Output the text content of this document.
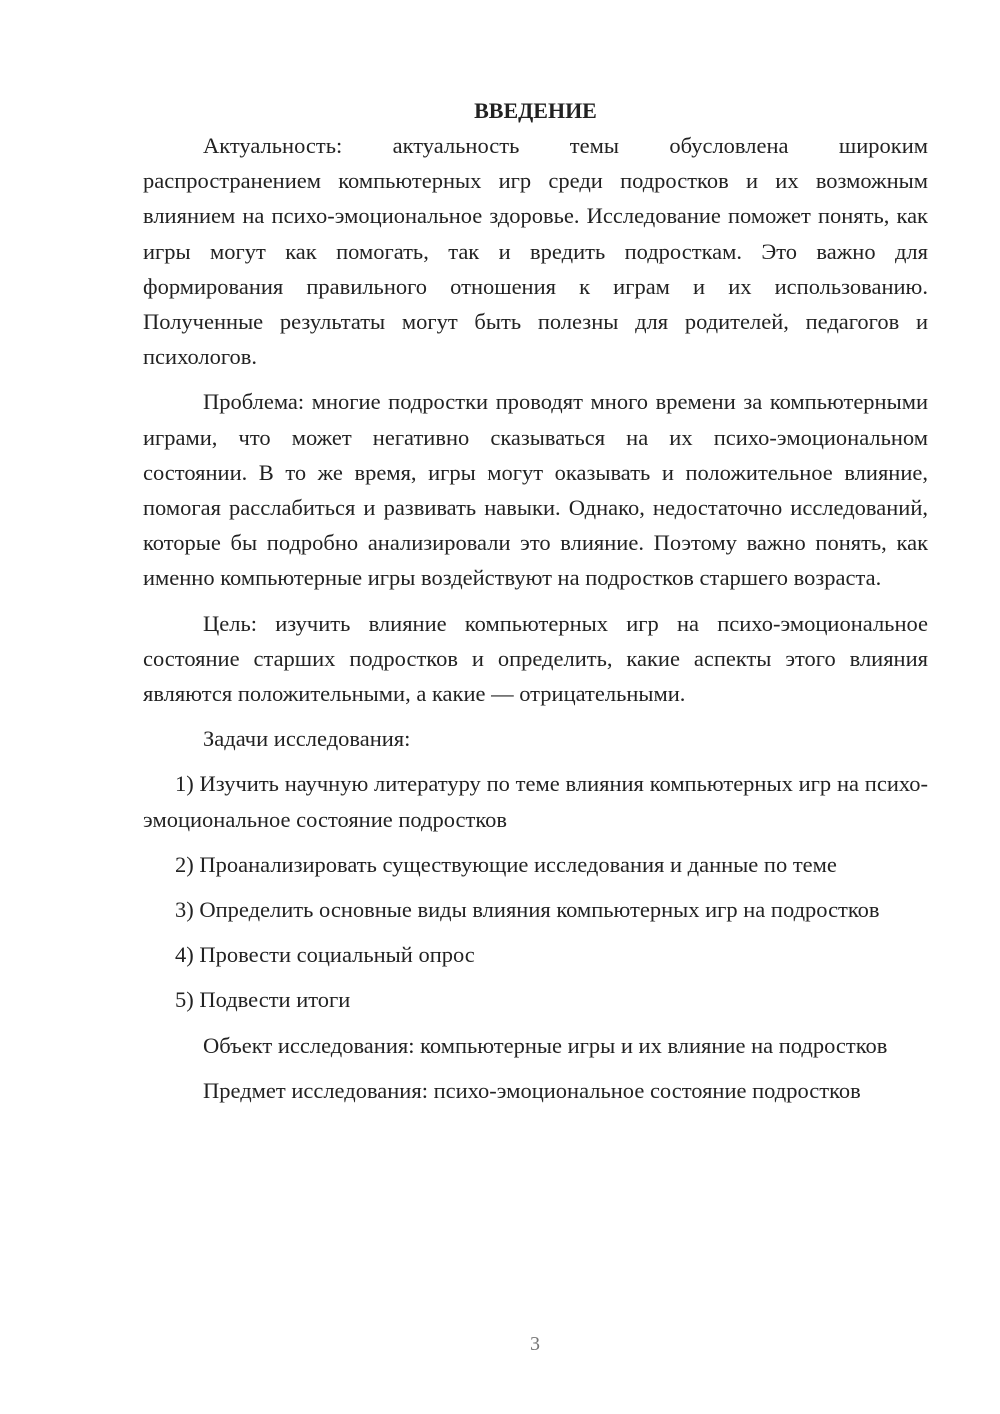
ВВЕДЕНИЕ

Актуальность: актуальность темы обусловлена широким распространением компьютерных игр среди подростков и их возможным влиянием на психо-эмоциональное здоровье. Исследование поможет понять, как игры могут как помогать, так и вредить подросткам. Это важно для формирования правильного отношения к играм и их использованию. Полученные результаты могут быть полезны для родителей, педагогов и психологов.

Проблема: многие подростки проводят много времени за компьютерными играми, что может негативно сказываться на их психо-эмоциональном состоянии. В то же время, игры могут оказывать и положительное влияние, помогая расслабиться и развивать навыки. Однако, недостаточно исследований, которые бы подробно анализировали это влияние. Поэтому важно понять, как именно компьютерные игры воздействуют на подростков старшего возраста.

Цель: изучить влияние компьютерных игр на психо-эмоциональное состояние старших подростков и определить, какие аспекты этого влияния являются положительными, а какие — отрицательными.

Задачи исследования:

1) Изучить научную литературу по теме влияния компьютерных игр на психо-эмоциональное состояние подростков

2) Проанализировать существующие исследования и данные по теме

3) Определить основные виды влияния компьютерных игр на подростков

4) Провести социальный опрос

5) Подвести итоги

Объект исследования: компьютерные игры и их влияние на подростков

Предмет исследования: психо-эмоциональное состояние подростков

3
